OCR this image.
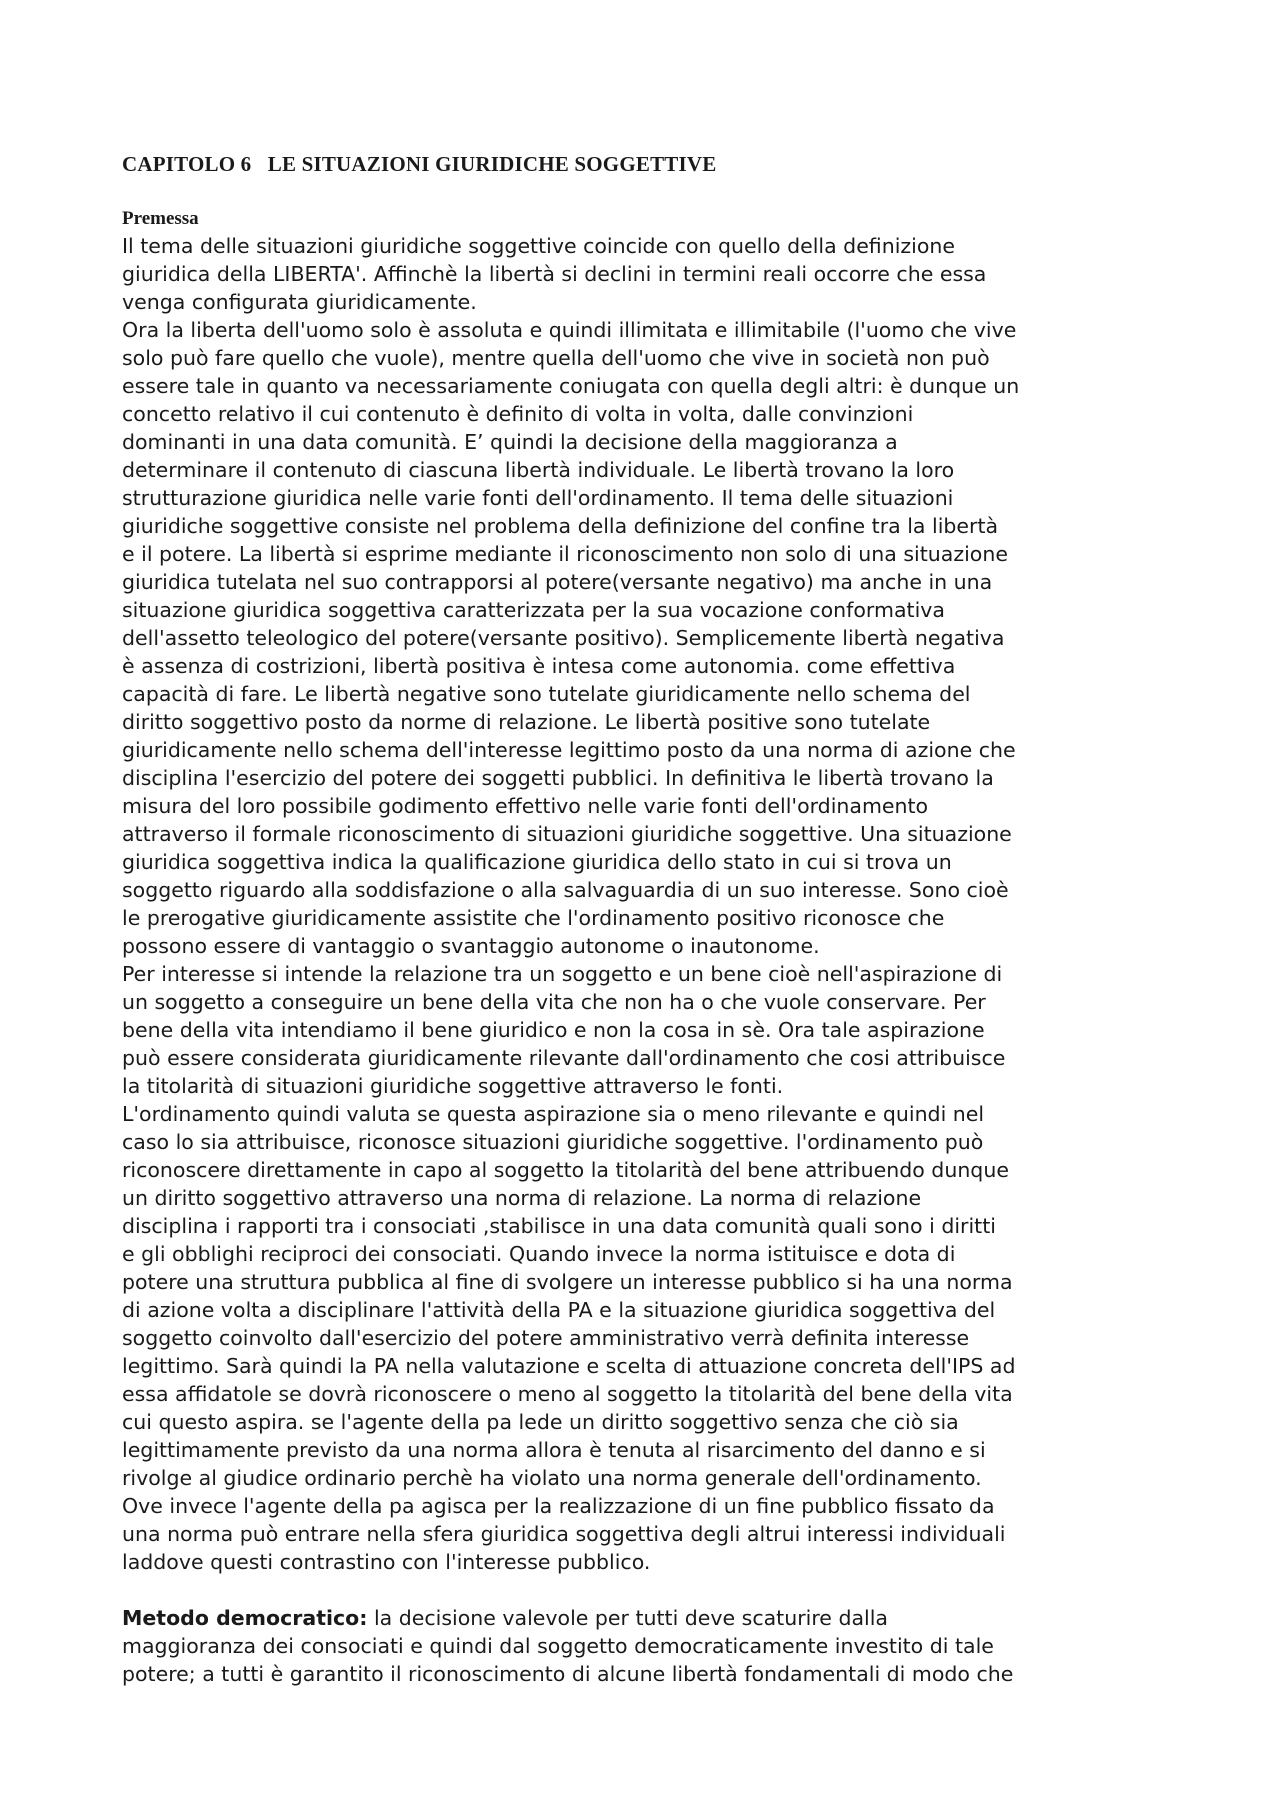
CAPITOLO 6   LE SITUAZIONI GIURIDICHE SOGGETTIVE
Premessa
Il tema delle situazioni giuridiche soggettive coincide con quello della definizione
giuridica della LIBERTA'. Affinchè la libertà si declini in termini reali occorre che essa
venga configurata giuridicamente.
Ora la liberta dell'uomo solo è assoluta e quindi illimitata e illimitabile (l'uomo che vive
solo può fare quello che vuole), mentre quella dell'uomo che vive in società non può
essere tale in quanto va necessariamente coniugata con quella degli altri: è dunque un
concetto relativo il cui contenuto è definito di volta in volta, dalle convinzioni
dominanti in una data comunità. E’ quindi la decisione della maggioranza a
determinare il contenuto di ciascuna libertà individuale. Le libertà trovano la loro
strutturazione giuridica nelle varie fonti dell'ordinamento. Il tema delle situazioni
giuridiche soggettive consiste nel problema della definizione del confine tra la libertà
e il potere. La libertà si esprime mediante il riconoscimento non solo di una situazione
giuridica tutelata nel suo contrapporsi al potere(versante negativo) ma anche in una
situazione giuridica soggettiva caratterizzata per la sua vocazione conformativa
dell'assetto teleologico del potere(versante positivo). Semplicemente libertà negativa
è assenza di costrizioni, libertà positiva è intesa come autonomia. come effettiva
capacità di fare. Le libertà negative sono tutelate giuridicamente nello schema del
diritto soggettivo posto da norme di relazione. Le libertà positive sono tutelate
giuridicamente nello schema dell'interesse legittimo posto da una norma di azione che
disciplina l'esercizio del potere dei soggetti pubblici. In definitiva le libertà trovano la
misura del loro possibile godimento effettivo nelle varie fonti dell'ordinamento
attraverso il formale riconoscimento di situazioni giuridiche soggettive. Una situazione
giuridica soggettiva indica la qualificazione giuridica dello stato in cui si trova un
soggetto riguardo alla soddisfazione o alla salvaguardia di un suo interesse. Sono cioè
le prerogative giuridicamente assistite che l'ordinamento positivo riconosce che
possono essere di vantaggio o svantaggio autonome o inautonome.
Per interesse si intende la relazione tra un soggetto e un bene cioè nell'aspirazione di
un soggetto a conseguire un bene della vita che non ha o che vuole conservare. Per
bene della vita intendiamo il bene giuridico e non la cosa in sè. Ora tale aspirazione
può essere considerata giuridicamente rilevante dall'ordinamento che cosi attribuisce
la titolarità di situazioni giuridiche soggettive attraverso le fonti.
L'ordinamento quindi valuta se questa aspirazione sia o meno rilevante e quindi nel
caso lo sia attribuisce, riconosce situazioni giuridiche soggettive. l'ordinamento può
riconoscere direttamente in capo al soggetto la titolarità del bene attribuendo dunque
un diritto soggettivo attraverso una norma di relazione. La norma di relazione
disciplina i rapporti tra i consociati ,stabilisce in una data comunità quali sono i diritti
e gli obblighi reciproci dei consociati. Quando invece la norma istituisce e dota di
potere una struttura pubblica al fine di svolgere un interesse pubblico si ha una norma
di azione volta a disciplinare l'attività della PA e la situazione giuridica soggettiva del
soggetto coinvolto dall'esercizio del potere amministrativo verrà definita interesse
legittimo. Sarà quindi la PA nella valutazione e scelta di attuazione concreta dell'IPS ad
essa affidatole se dovrà riconoscere o meno al soggetto la titolarità del bene della vita
cui questo aspira. se l'agente della pa lede un diritto soggettivo senza che ciò sia
legittimamente previsto da una norma allora è tenuta al risarcimento del danno e si
rivolge al giudice ordinario perchè ha violato una norma generale dell'ordinamento.
Ove invece l'agente della pa agisca per la realizzazione di un fine pubblico fissato da
una norma può entrare nella sfera giuridica soggettiva degli altrui interessi individuali
laddove questi contrastino con l'interesse pubblico.
Metodo democratico: la decisione valevole per tutti deve scaturire dalla
maggioranza dei consociati e quindi dal soggetto democraticamente investito di tale
potere; a tutti è garantito il riconoscimento di alcune libertà fondamentali di modo che
